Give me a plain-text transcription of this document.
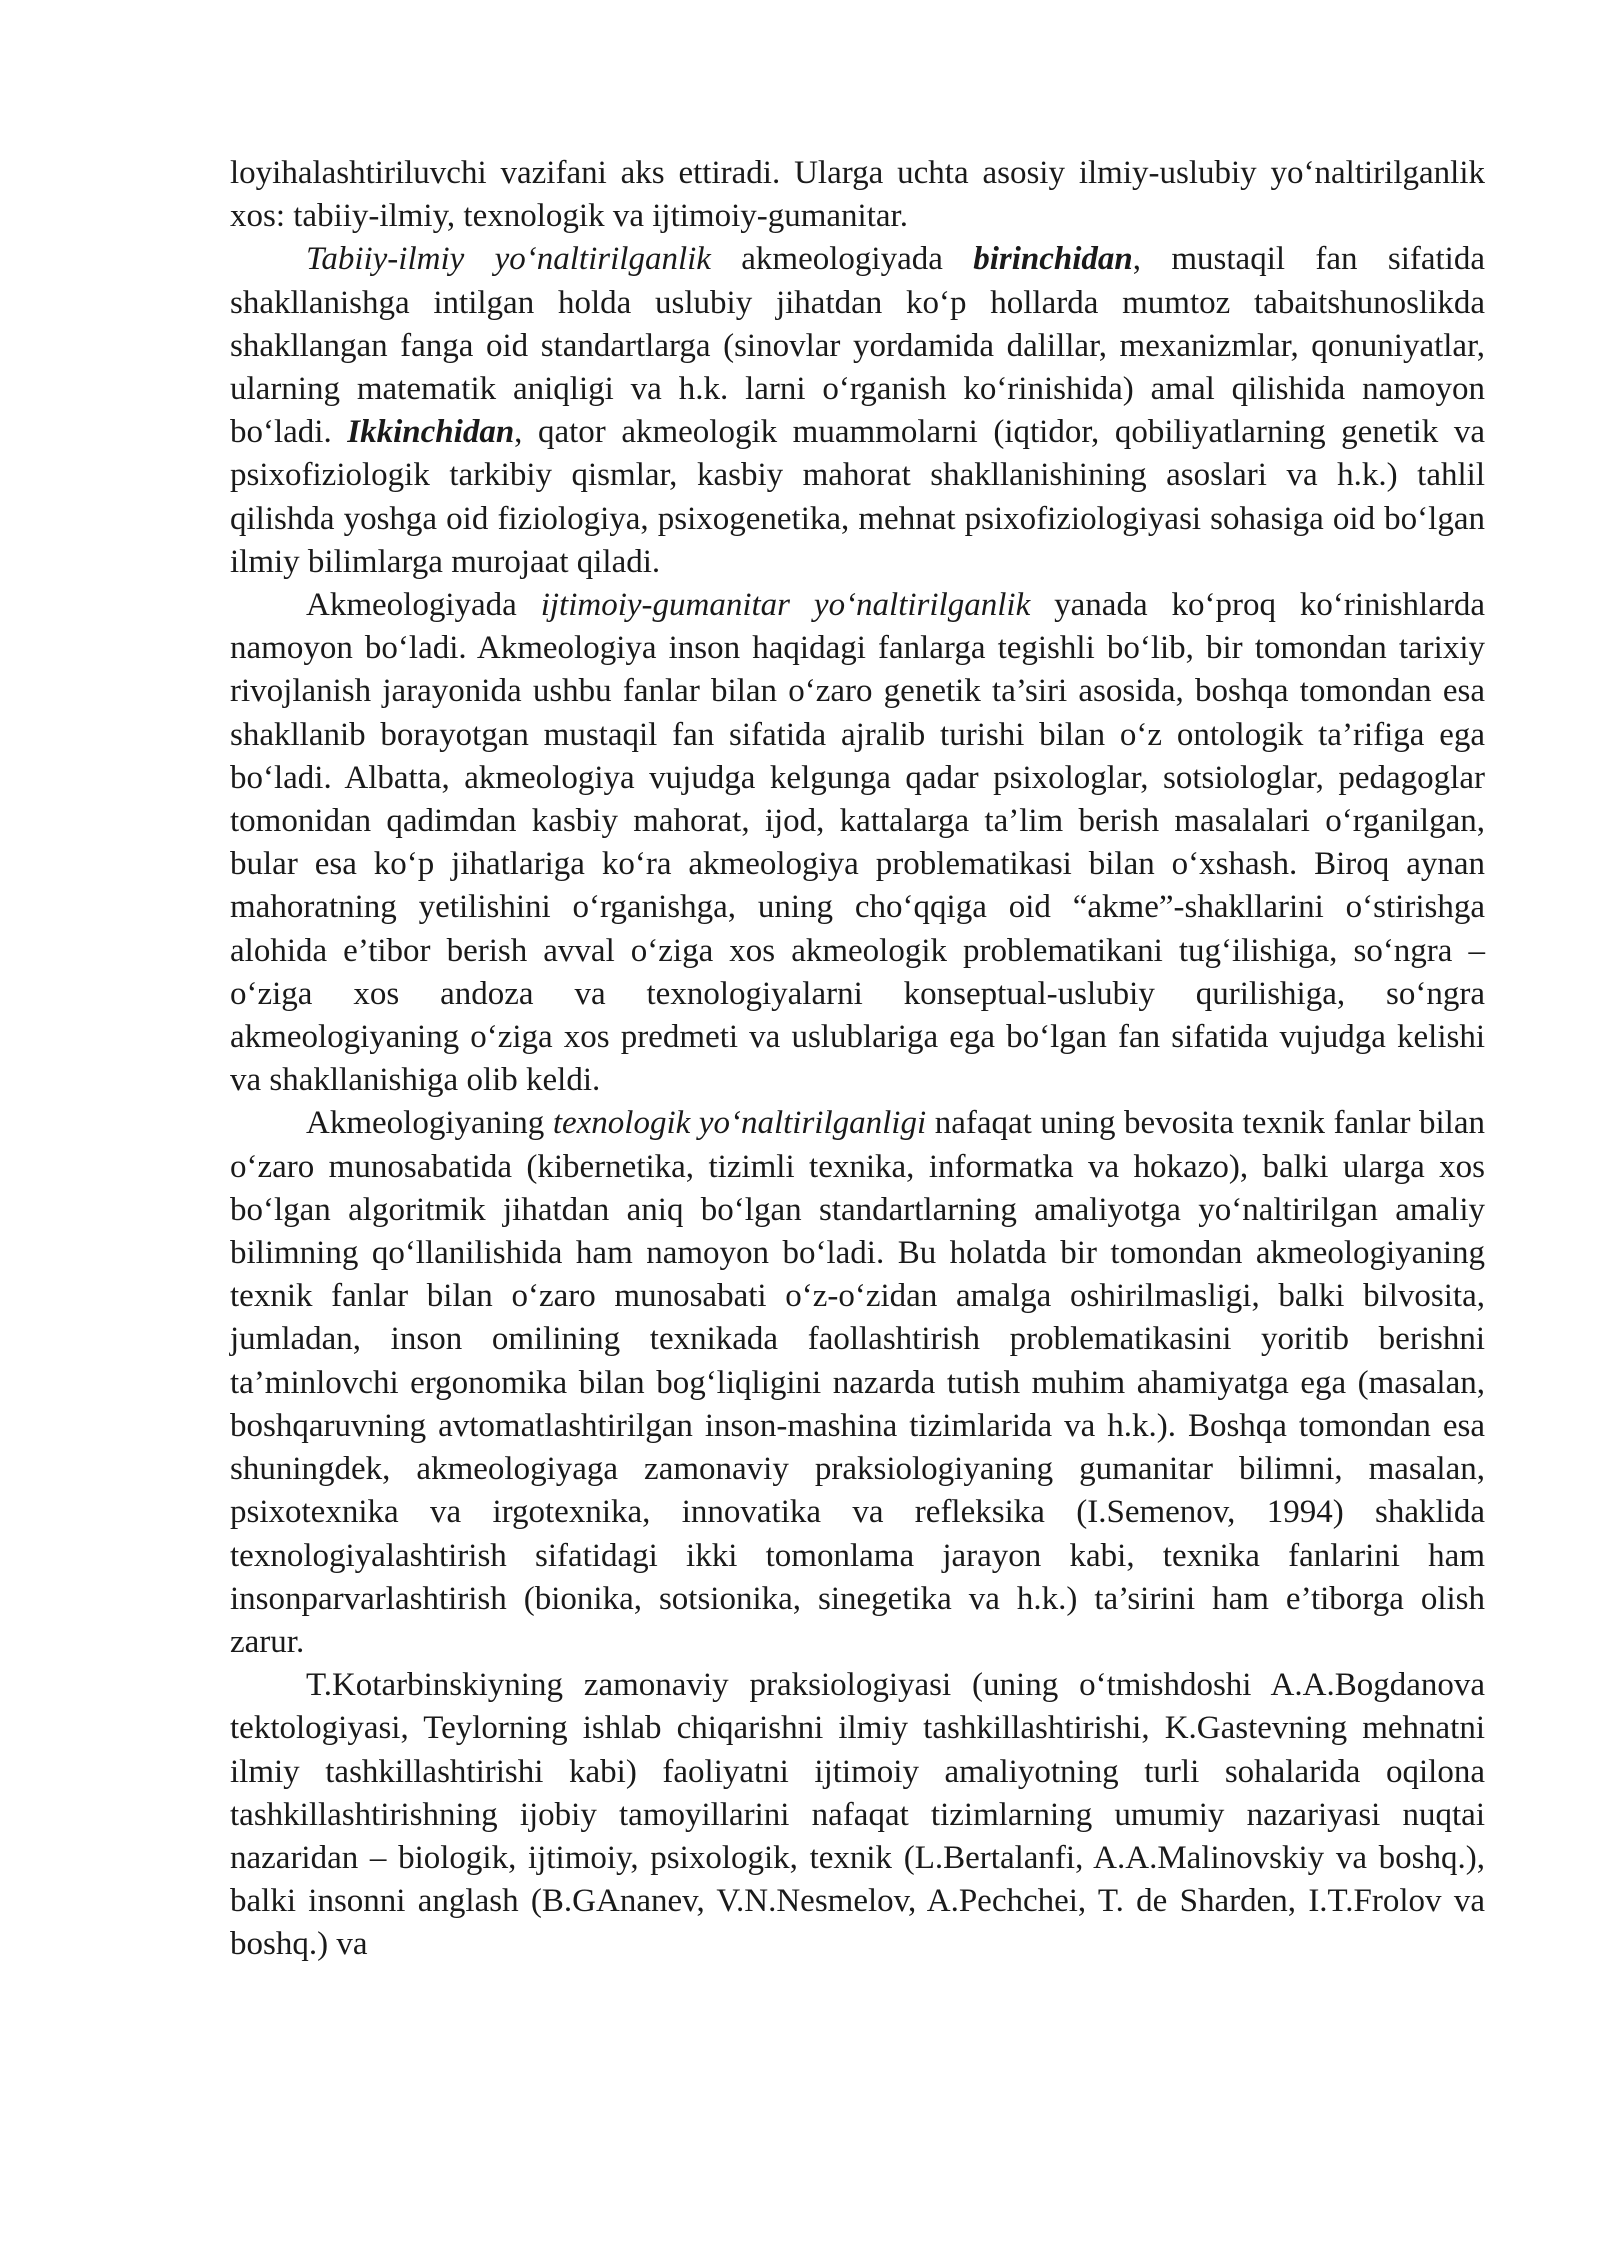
loyihalashtiriluvchi vazifani aks ettiradi. Ularga uchta asosiy ilmiy-uslubiy yo‘naltirilganlik xos: tabiiy-ilmiy, texnologik va ijtimoiy-gumanitar.

Tabiiy-ilmiy yo‘naltirilganlik akmeologiyada birinchidan, mustaqil fan sifatida shakllanishga intilgan holda uslubiy jihatdan ko‘p hollarda mumtoz tabaitshunoslikda shakllangan fanga oid standartlarga (sinovlar yordamida dalillar, mexanizmlar, qonuniyatlar, ularning matematik aniqligi va h.k. larni o‘rganish ko‘rinishida) amal qilishida namoyon bo‘ladi. Ikkinchidan, qator akmeologik muammolarni (iqtidor, qobiliyatlarning genetik va psixofiziologik tarkibiy qismlar, kasbiy mahorat shakllanishining asoslari va h.k.) tahlil qilishda yoshga oid fiziologiya, psixogenetika, mehnat psixofiziologiyasi sohasiga oid bo‘lgan ilmiy bilimlarga murojaat qiladi.

Akmeologiyada ijtimoiy-gumanitar yo‘naltirilganlik yanada ko‘proq ko‘rinishlarda namoyon bo‘ladi. Akmeologiya inson haqidagi fanlarga tegishli bo‘lib, bir tomondan tarixiy rivojlanish jarayonida ushbu fanlar bilan o‘zaro genetik ta’siri asosida, boshqa tomondan esa shakllanib borayotgan mustaqil fan sifatida ajralib turishi bilan o‘z ontologik ta’rifiga ega bo‘ladi. Albatta, akmeologiya vujudga kelgunga qadar psixologlar, sotsiologlar, pedagoglar tomonidan qadimdan kasbiy mahorat, ijod, kattalarga ta’lim berish masalalari o‘rganilgan, bular esa ko‘p jihatlariga ko‘ra akmeologiya problematikasi bilan o‘xshash. Biroq aynan mahoratning yetilishini o‘rganishga, uning cho‘qqiga oid “akme”-shakllarini o‘stirishga alohida e’tibor berish avval o‘ziga xos akmeologik problematikani tug‘ilishiga, so‘ngra – o‘ziga xos andoza va texnologiyalarni konseptual-uslubiy qurilishiga, so‘ngra akmeologiyaning o‘ziga xos predmeti va uslublariga ega bo‘lgan fan sifatida vujudga kelishi va shakllanishiga olib keldi.

Akmeologiyaning texnologik yo‘naltirilganligi nafaqat uning bevosita texnik fanlar bilan o‘zaro munosabatida (kibernetika, tizimli texnika, informatka va hokazo), balki ularga xos bo‘lgan algoritmik jihatdan aniq bo‘lgan standartlarning amaliyotga yo‘naltirilgan amaliy bilimning qo‘llanilishida ham namoyon bo‘ladi. Bu holatda bir tomondan akmeologiyaning texnik fanlar bilan o‘zaro munosabati o‘z-o‘zidan amalga oshirilmasligi, balki bilvosita, jumladan, inson omilining texnikada faollashtirish problematikasini yoritib berishni ta’minlovchi ergonomika bilan bog‘liqligini nazarda tutish muhim ahamiyatga ega (masalan, boshqaruvning avtomatlashtirilgan inson-mashina tizimlarida va h.k.). Boshqa tomondan esa shuningdek, akmeologiyaga zamonaviy praksiologiyaning gumanitar bilimni, masalan, psixotexnika va irgotexnika, innovatika va refleksika (I.Semenov, 1994) shaklida texnologiyalashtirish sifatidagi ikki tomonlama jarayon kabi, texnika fanlarini ham insonparvarlashtirish (bionika, sotsionika, sinegetika va h.k.) ta’sirini ham e’tiborga olish zarur.

T.Kotarbinskiyning zamonaviy praksiologiyasi (uning o‘tmishdoshi A.A.Bogdanova tektologiyasi, Teylorning ishlab chiqarishni ilmiy tashkillashtirishi, K.Gastevning mehnatni ilmiy tashkillashtirishi kabi) faoliyatni ijtimoiy amaliyotning turli sohalarida oqilona tashkillashtirishning ijobiy tamoyillarini nafaqat tizimlarning umumiy nazariyasi nuqtai nazaridan – biologik, ijtimoiy, psixologik, texnik (L.Bertalanfi, A.A.Malinovskiy va boshq.), balki insonni anglash (B.GAnanev, V.N.Nesmelov, A.Pechchei, T. de Sharden, I.T.Frolov va boshq.) va
